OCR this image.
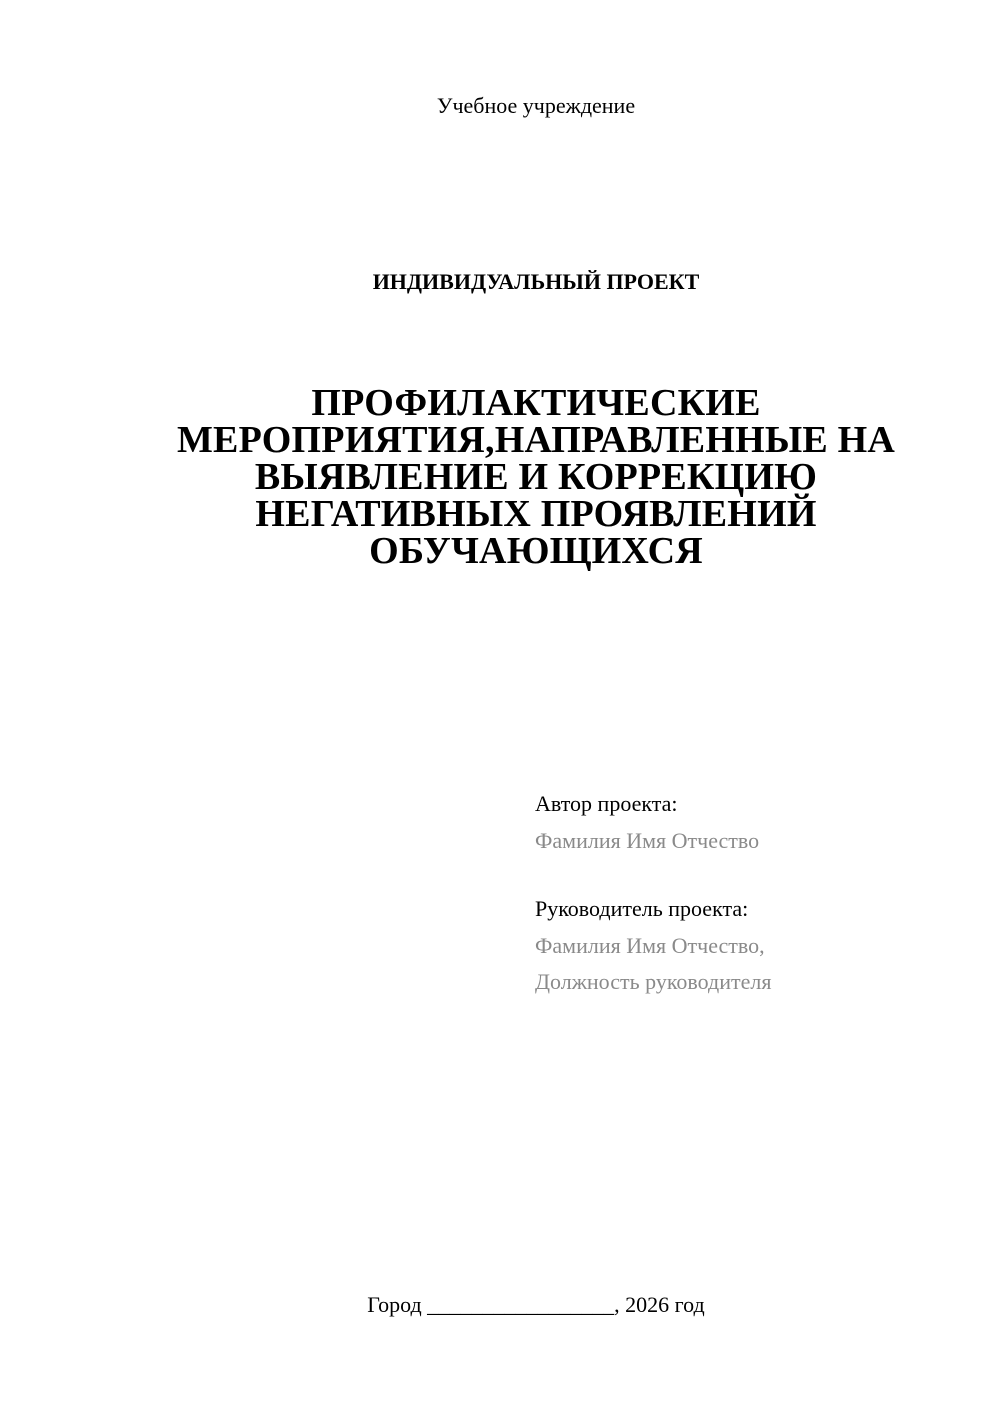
Учебное учреждение
ИНДИВИДУАЛЬНЫЙ ПРОЕКТ
ПРОФИЛАКТИЧЕСКИЕ
МЕРОПРИЯТИЯ,НАПРАВЛЕННЫЕ НА
ВЫЯВЛЕНИЕ И КОРРЕКЦИЮ
НЕГАТИВНЫХ ПРОЯВЛЕНИЙ
ОБУЧАЮЩИХСЯ
Автор проекта:
Фамилия Имя Отчество
Руководитель проекта:
Фамилия Имя Отчество,
Должность руководителя
Город _________________, 2026 год
